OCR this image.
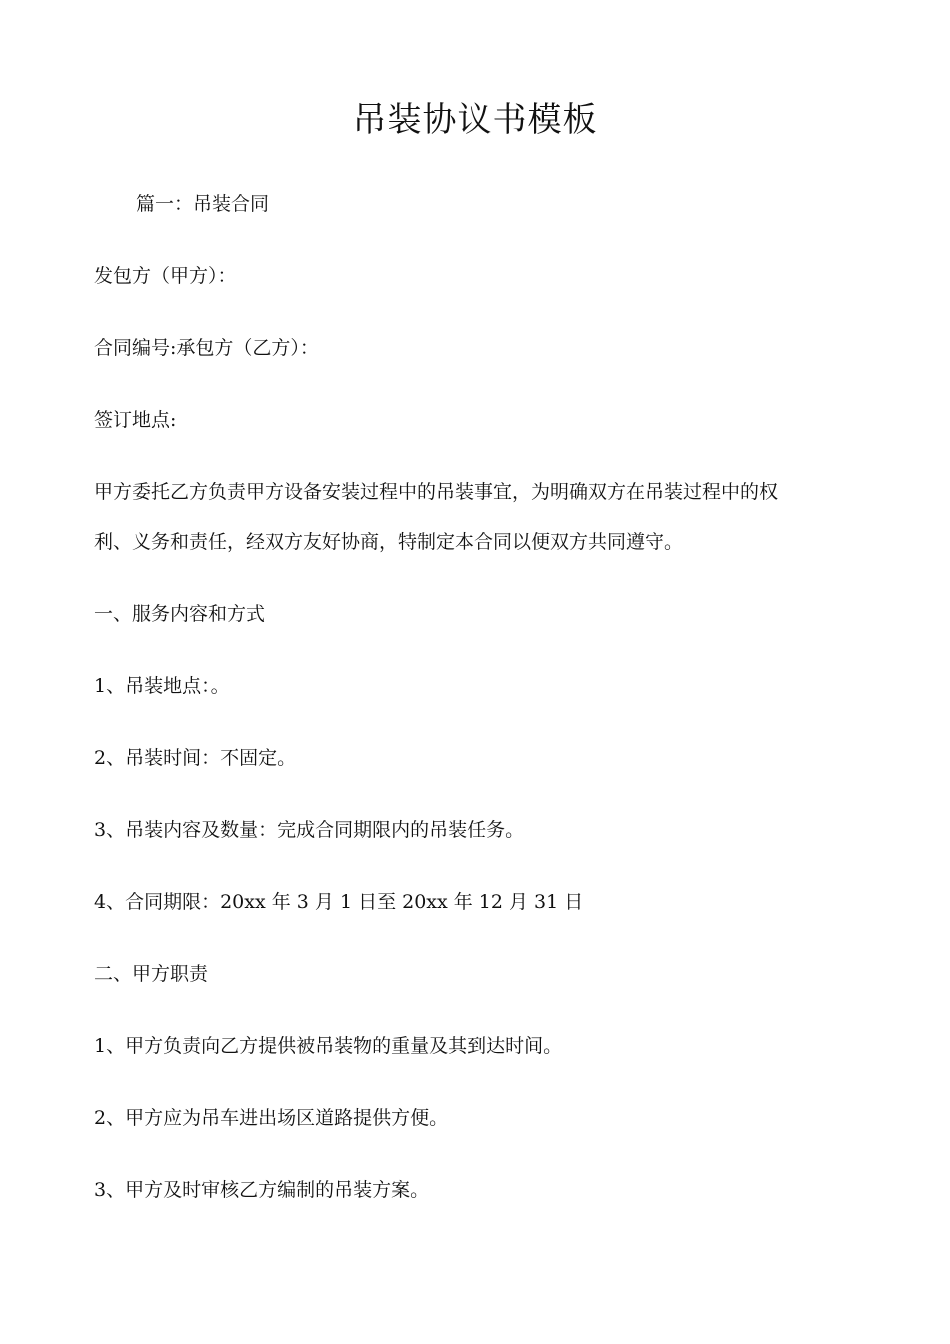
吊装协议书模板

篇一：吊装合同

发包方（甲方）：

合同编号:承包方（乙方）：

签订地点:

甲方委托乙方负责甲方设备安装过程中的吊装事宜，为明确双方在吊装过程中的权

利、义务和责任，经双方友好协商，特制定本合同以便双方共同遵守。

一、服务内容和方式

1、吊装地点：。

2、吊装时间：不固定。

3、吊装内容及数量：完成合同期限内的吊装任务。

4、合同期限：20xx 年 3 月 1 日至 20xx 年 12 月 31 日

二、甲方职责

1、甲方负责向乙方提供被吊装物的重量及其到达时间。

2、甲方应为吊车进出场区道路提供方便。

3、甲方及时审核乙方编制的吊装方案。
